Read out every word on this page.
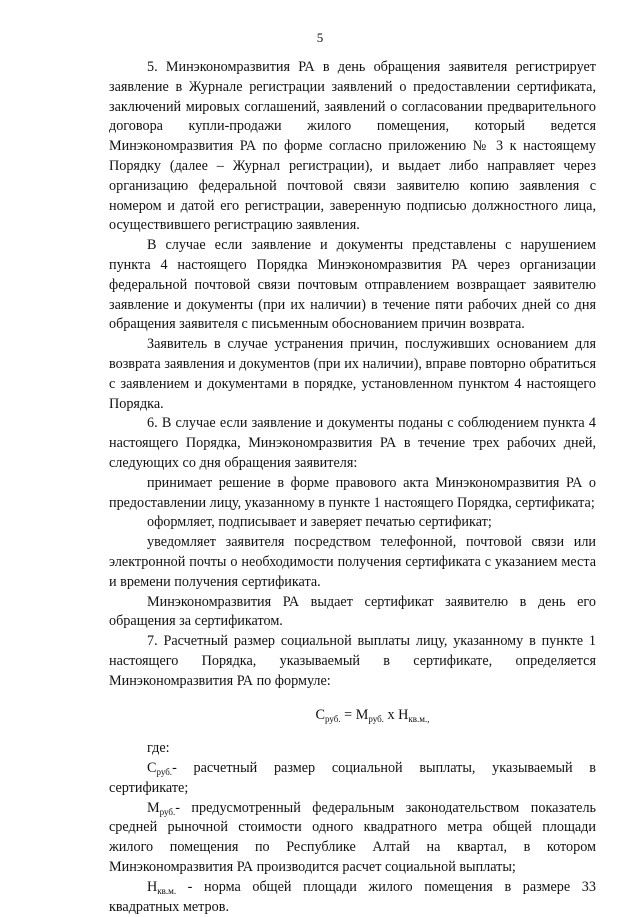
5

5. Минэкономразвития РА в день обращения заявителя регистрирует заявление в Журнале регистрации заявлений о предоставлении сертификата, заключений мировых соглашений, заявлений о согласовании предварительного договора купли-продажи жилого помещения, который ведется Минэкономразвития РА по форме согласно приложению № 3 к настоящему Порядку (далее – Журнал регистрации), и выдает либо направляет через организацию федеральной почтовой связи заявителю копию заявления с номером и датой его регистрации, заверенную подписью должностного лица, осуществившего регистрацию заявления.

В случае если заявление и документы представлены с нарушением пункта 4 настоящего Порядка Минэкономразвития РА через организации федеральной почтовой связи почтовым отправлением возвращает заявителю заявление и документы (при их наличии) в течение пяти рабочих дней со дня обращения заявителя с письменным обоснованием причин возврата.

Заявитель в случае устранения причин, послуживших основанием для возврата заявления и документов (при их наличии), вправе повторно обратиться с заявлением и документами в порядке, установленном пунктом 4 настоящего Порядка.

6. В случае если заявление и документы поданы с соблюдением пункта 4 настоящего Порядка, Минэкономразвития РА в течение трех рабочих дней, следующих со дня обращения заявителя:

принимает решение в форме правового акта Минэкономразвития РА о предоставлении лицу, указанному в пункте 1 настоящего Порядка, сертификата;

оформляет, подписывает и заверяет печатью сертификат;

уведомляет заявителя посредством телефонной, почтовой связи или электронной почты о необходимости получения сертификата с указанием места и времени получения сертификата.

Минэкономразвития РА выдает сертификат заявителю в день его обращения за сертификатом.

7. Расчетный размер социальной выплаты лицу, указанному в пункте 1 настоящего Порядка, указываемый в сертификате, определяется Минэкономразвития РА по формуле:

$С_{руб.} = М_{руб.}$ х $Н_{кв.м.,}$

где:

$С_{руб.}-$ расчетный размер социальной выплаты, указываемый в сертификате;

$М_{руб.}-$ предусмотренный федеральным законодательством показатель средней рыночной стоимости одного квадратного метра общей площади жилого помещения по Республике Алтай на квартал, в котором Минэкономразвития РА производится расчет социальной выплаты;

$Н_{кв.м.}$ - норма общей площади жилого помещения в размере 33 квадратных метров.
